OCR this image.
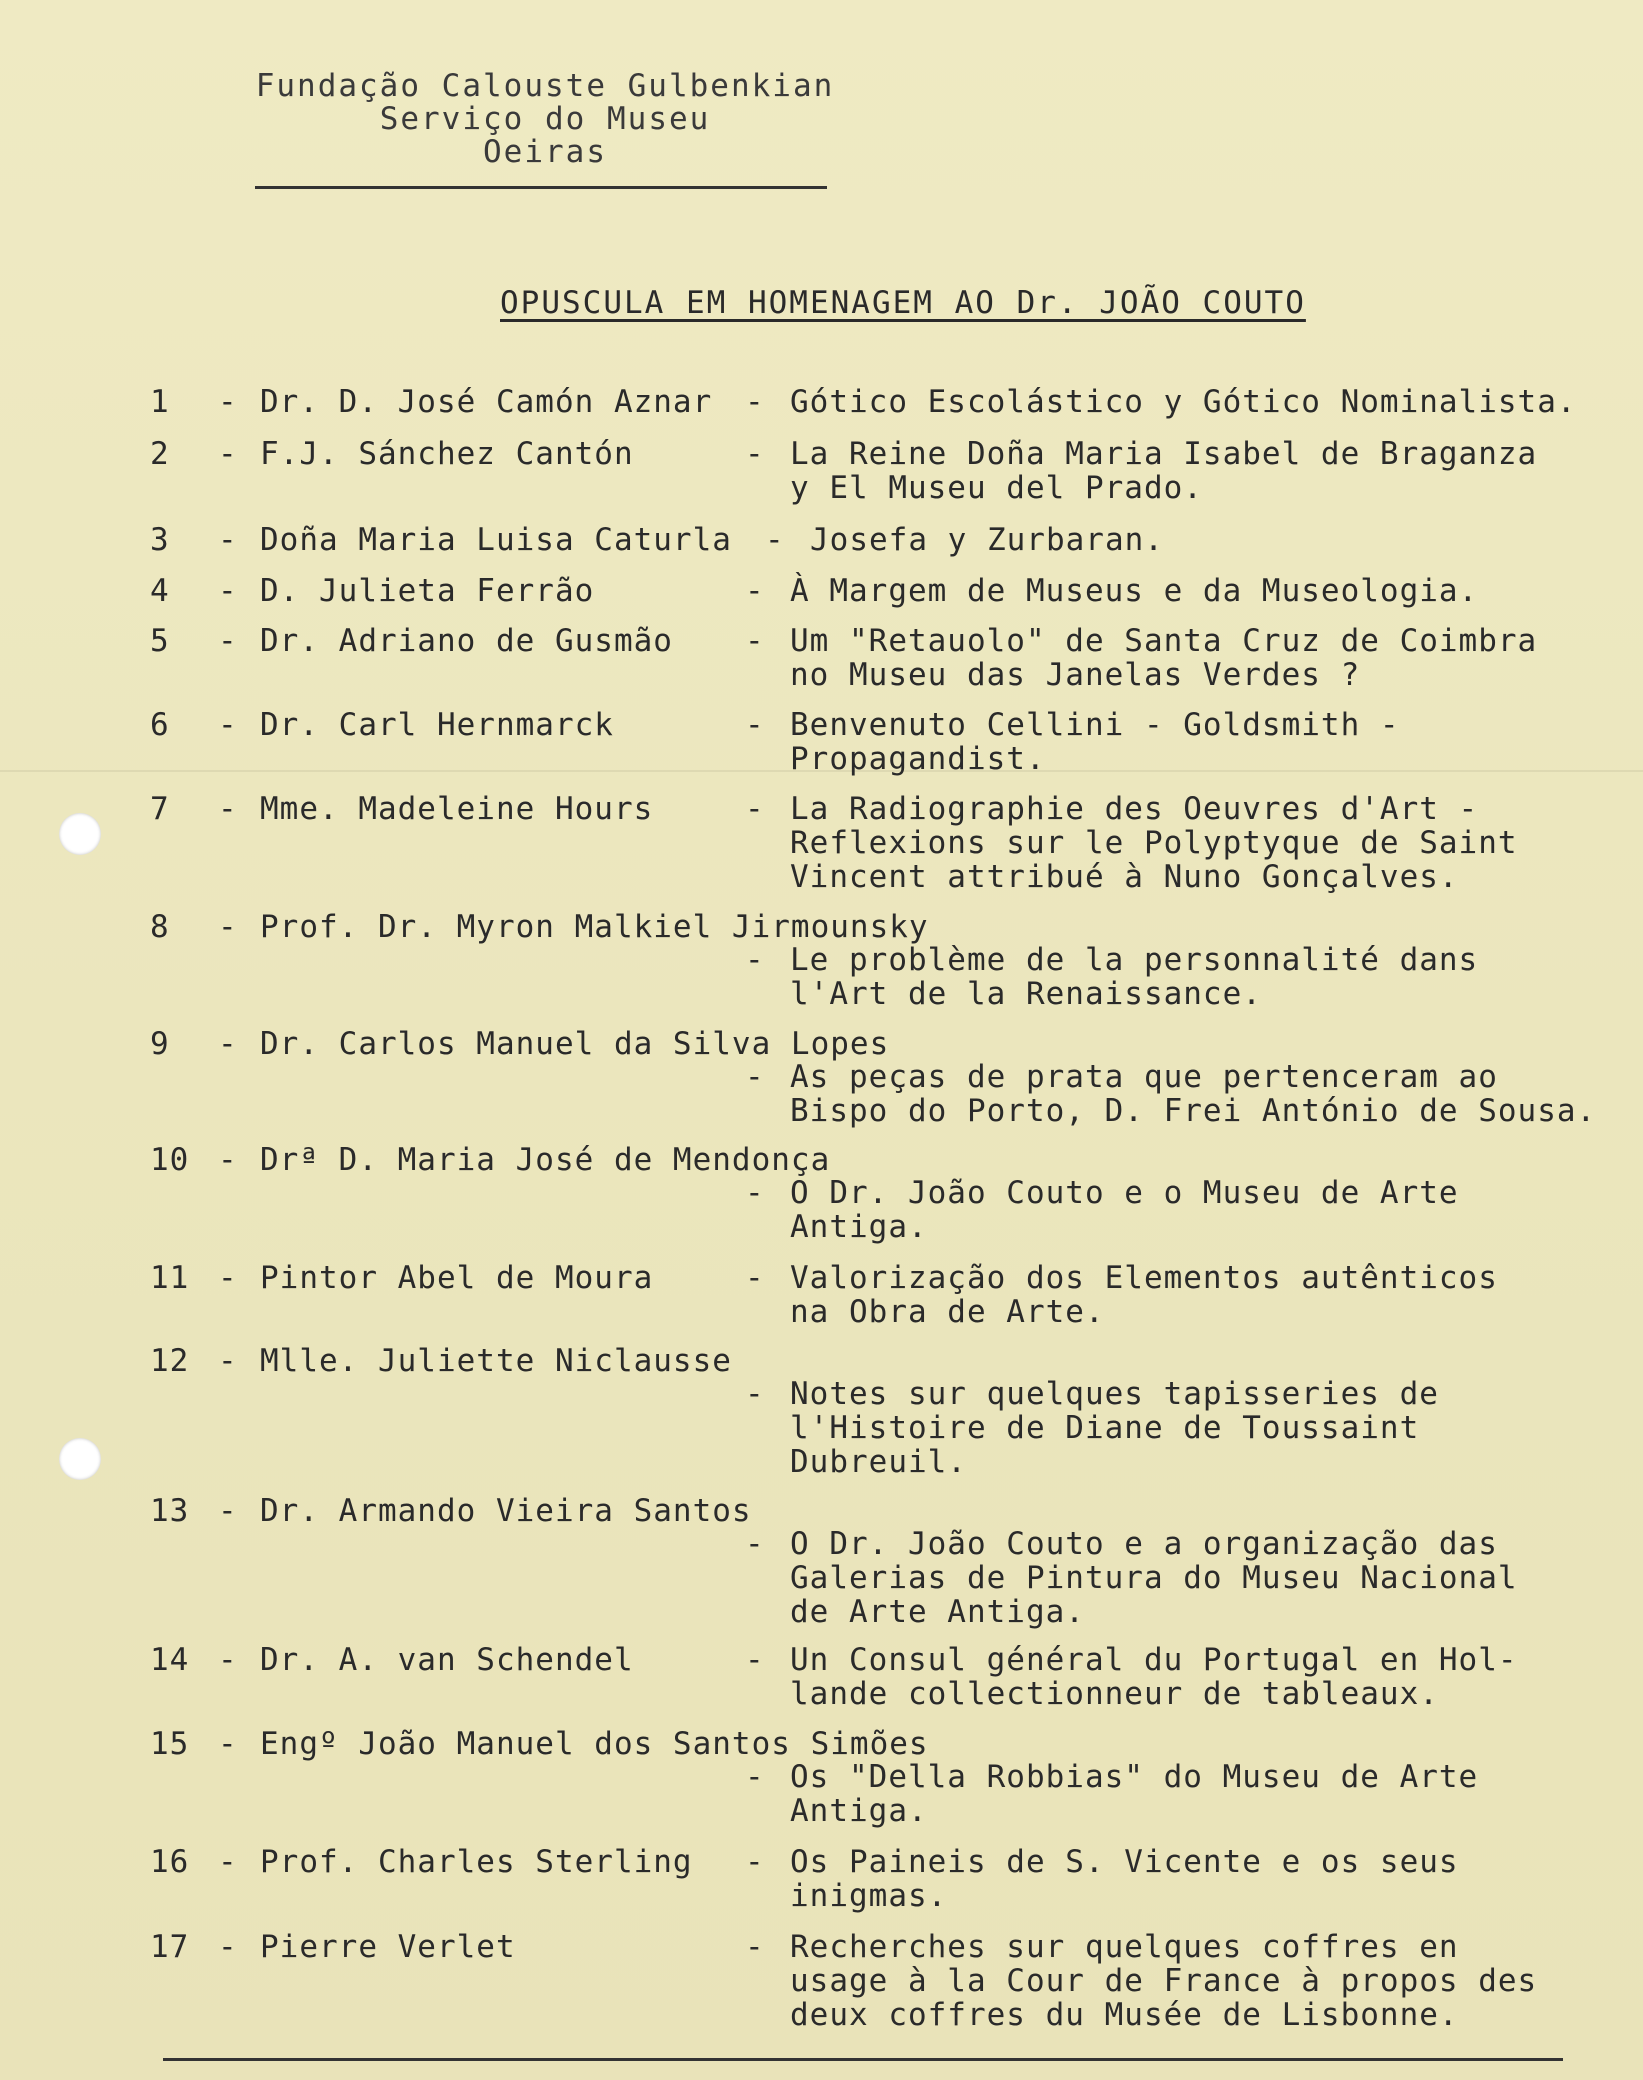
Fundação Calouste Gulbenkian
Serviço do Museu
Oeiras
OPUSCULA EM HOMENAGEM AO Dr. JOÃO COUTO
1	- Dr. D. José Camón Aznar - Gótico Escolástico y Gótico Nominalista.
2	- F.J. Sánchez Cantón	- La Reine Doña Maria Isabel de Braganza
y El Museu del Prado.
3	- Doña Maria Luisa Caturla - Josefa y Zurbaran.
4	- D. Julieta Ferrão	- À Margem de Museus e da Museologia.
5	- Dr. Adriano de Gusmão - Um "Retauolo" de Santa Cruz de Coimbra
no Museu das Janelas Verdes ?
6	- Dr. Carl Hernmarck	- Benvenuto Cellini - Goldsmith -
Propagandist.
7	- Mme. Madeleine Hours	- La Radiographie des Oeuvres d'Art -
Reflexions sur le Polyptyque de Saint
Vincent attribué à Nuno Gonçalves.
8	- Prof. Dr. Myron Malkiel Jirmounsky
- Le problème de la personnalité dans
l'Art de la Renaissance.
9	- Dr. Carlos Manuel da Silva Lopes
- As peças de prata que pertenceram ao
Bispo do Porto, D. Frei António de Sousa.
10 - Drª D. Maria José de Mendonça
- O Dr. João Couto e o Museu de Arte
Antiga.
11 - Pintor Abel de Moura	- Valorização dos Elementos autênticos
na Obra de Arte.
12 - Mlle. Juliette Niclausse
- Notes sur quelques tapisseries de
l'Histoire de Diane de Toussaint
Dubreuil.
13 - Dr. Armando Vieira Santos
- O Dr. João Couto e a organização das
Galerias de Pintura do Museu Nacional
de Arte Antiga.
14 - Dr. A. van Schendel	- Un Consul général du Portugal en Hol-
lande collectionneur de tableaux.
15 - Engº João Manuel dos Santos Simões
- Os "Della Robbias" do Museu de Arte
Antiga.
16 - Prof. Charles Sterling - Os Paineis de S. Vicente e os seus
inigmas.
17 - Pierre Verlet	- Recherches sur quelques coffres en
usage à la Cour de France à propos des
deux coffres du Musée de Lisbonne.
